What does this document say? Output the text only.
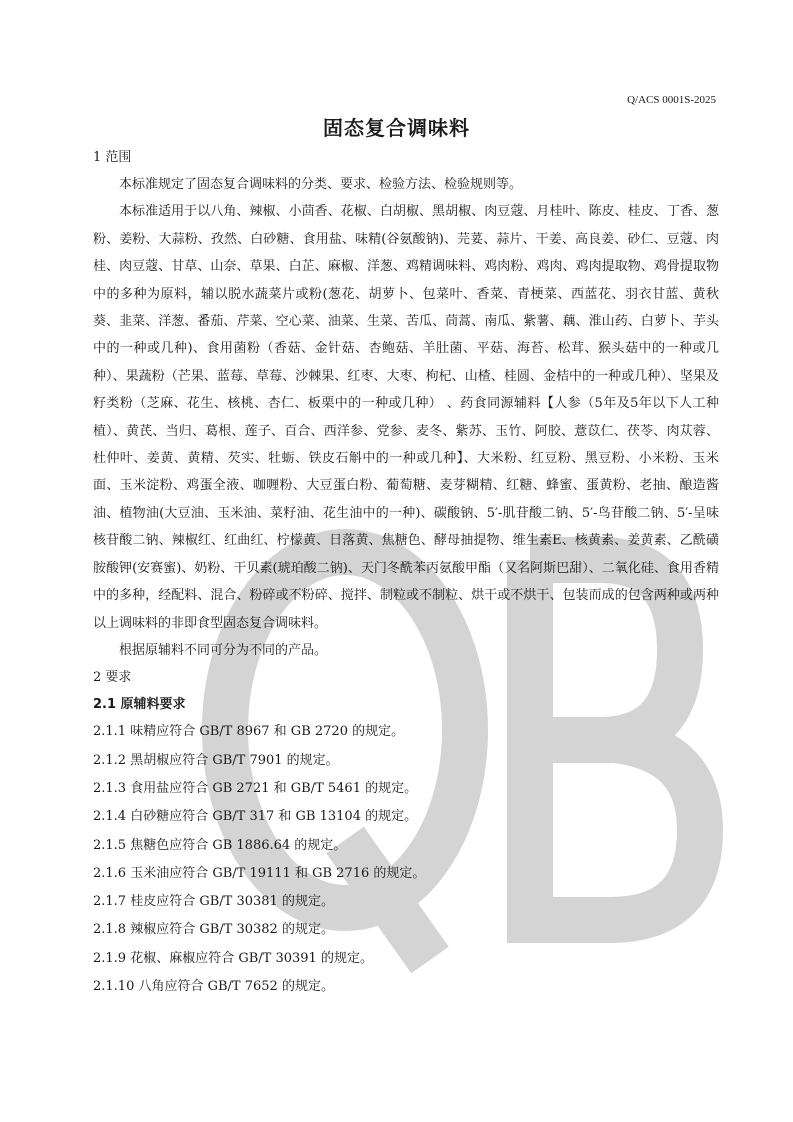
Q/ACS 0001S-2025
固态复合调味料
1 范围

本标准规定了固态复合调味料的分类、要求、检验方法、检验规则等。

本标准适用于以八角、辣椒、小茴香、花椒、白胡椒、黑胡椒、肉豆蔻、月桂叶、陈皮、桂皮、丁香、葱粉、姜粉、大蒜粉、孜然、白砂糖、食用盐、味精(谷氨酸钠)、芫荽、蒜片、干姜、高良姜、砂仁、豆蔻、肉桂、肉豆蔻、甘草、山奈、草果、白芷、麻椒、洋葱、鸡精调味料、鸡肉粉、鸡肉、鸡肉提取物、鸡骨提取物中的多种为原料，辅以脱水蔬菜片或粉(葱花、胡萝卜、包菜叶、香菜、青梗菜、西蓝花、羽衣甘蓝、黄秋葵、韭菜、洋葱、番茄、芹菜、空心菜、油菜、生菜、苦瓜、茼蒿、南瓜、紫薯、藕、淮山药、白萝卜、芋头中的一种或几种)、食用菌粉（香菇、金针菇、杏鲍菇、羊肚菌、平菇、海苔、松茸、猴头菇中的一种或几种）、果蔬粉（芒果、蓝莓、草莓、沙棘果、红枣、大枣、枸杞、山楂、桂圆、金桔中的一种或几种）、坚果及籽类粉（芝麻、花生、核桃、杏仁、板栗中的一种或几种） 、药食同源辅料【人参（5年及5年以下人工种植）、黄芪、当归、葛根、莲子、百合、西洋参、党参、麦冬、紫苏、玉竹、阿胶、薏苡仁、茯苓、肉苁蓉、杜仲叶、姜黄、黄精、芡实、牡蛎、铁皮石斛中的一种或几种】、大米粉、红豆粉、黑豆粉、小米粉、玉米面、玉米淀粉、鸡蛋全液、咖喱粉、大豆蛋白粉、葡萄糖、麦芽糊精、红糖、蜂蜜、蛋黄粉、老抽、酿造酱油、植物油(大豆油、玉米油、菜籽油、花生油中的一种)、碳酸钠、5′-肌苷酸二钠、5′-鸟苷酸二钠、5′-呈味核苷酸二钠、辣椒红、红曲红、柠檬黄、日落黄、焦糖色、酵母抽提物、维生素E、核黄素、姜黄素、乙酰磺胺酸钾(安赛蜜)、奶粉、干贝素(琥珀酸二钠)、天门冬酰苯丙氨酸甲酯（又名阿斯巴甜）、二氧化硅、食用香精中的多种，经配料、混合、粉碎或不粉碎、搅拌、制粒或不制粒、烘干或不烘干、包装而成的包含两种或两种以上调味料的非即食型固态复合调味料。

根据原辅料不同可分为不同的产品。

2 要求
2.1 原辅料要求
2.1.1 味精应符合 GB/T 8967 和 GB 2720 的规定。
2.1.2 黑胡椒应符合 GB/T 7901 的规定。
2.1.3 食用盐应符合 GB 2721 和 GB/T 5461 的规定。
2.1.4 白砂糖应符合 GB/T 317 和 GB 13104 的规定。
2.1.5 焦糖色应符合 GB 1886.64 的规定。
2.1.6 玉米油应符合 GB/T 19111 和 GB 2716 的规定。
2.1.7 桂皮应符合 GB/T 30381 的规定。
2.1.8 辣椒应符合 GB/T 30382 的规定。
2.1.9 花椒、麻椒应符合 GB/T 30391 的规定。
2.1.10 八角应符合 GB/T 7652 的规定。
